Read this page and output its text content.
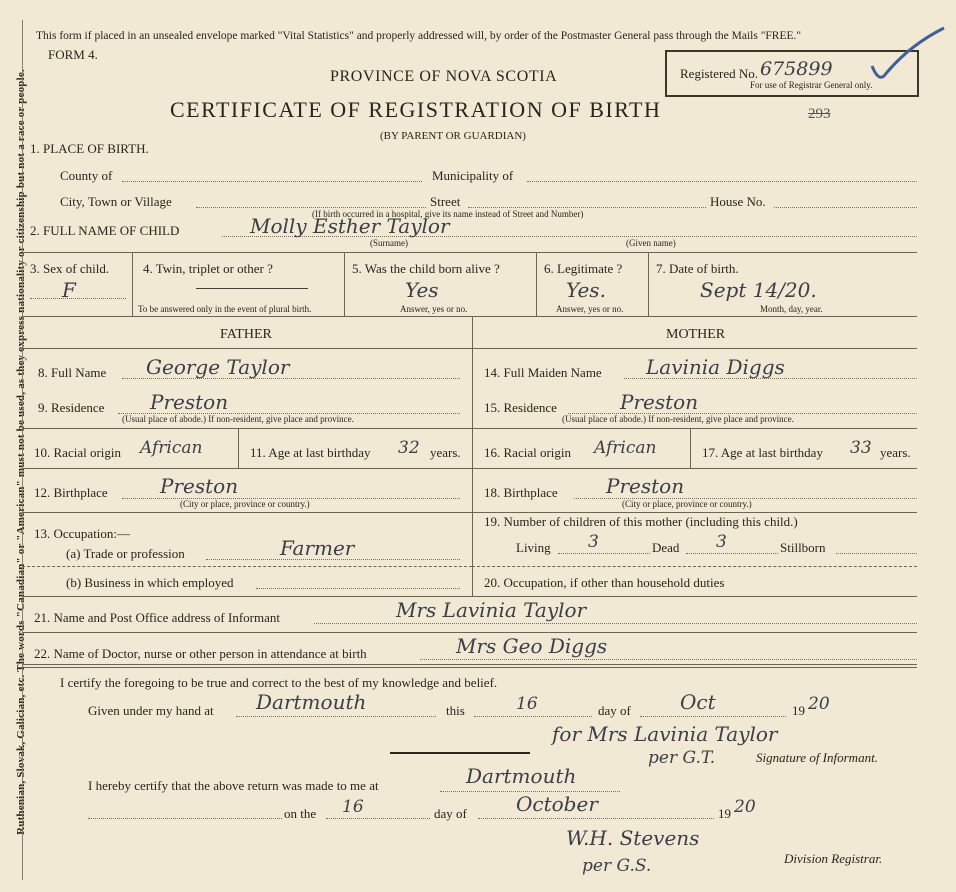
Ruthenian, Slovak, Galician, etc. The words "Canadian" or "American" must not be used, as they express nationality or citizenship but not a race or people.
This form if placed in an unsealed envelope marked "Vital Statistics" and properly addressed will, by order of the Postmaster General pass through the Mails "FREE."
FORM 4.
PROVINCE OF NOVA SCOTIA
CERTIFICATE OF REGISTRATION OF BIRTH
(BY PARENT OR GUARDIAN)
Registered No. 675899
For use of Registrar General only.
293
1. PLACE OF BIRTH.
County of	Municipality of
City, Town or Village	Street	House No.
(If birth occurred in a hospital, give its name instead of Street and Number)
2. FULL NAME OF CHILD	Molly Esther Taylor
(Surname)	(Given name)
3. Sex of child.
F
4. Twin, triplet or other ?
To be answered only in the event of plural birth.
5. Was the child born alive ?
Yes
Answer, yes or no.
6. Legitimate ?
Yes.
Answer, yes or no.
7. Date of birth.
Sept 14/20.
Month, day, year.
FATHER	MOTHER
8. Full Name George Taylor
9. Residence Preston
(Usual place of abode.) If non-resident, give place and province.
10. Racial origin African	11. Age at last birthday 32 years.
12. Birthplace	Preston
(City or place, province or country.)
13. Occupation:—
(a) Trade or profession	Farmer
(b) Business in which employed
14. Full Maiden Name Lavinia Diggs
15. Residence	Preston
(Usual place of abode.) If non-resident, give place and province.
16. Racial origin African	17. Age at last birthday 33 years.
18. Birthplace Preston
(City or place, province or country.)
19. Number of children of this mother (including this child.)
Living 3	Dead 3	Stillborn
20. Occupation, if other than household duties
21. Name and Post Office address of Informant	Mrs Lavinia Taylor
22. Name of Doctor, nurse or other person in attendance at birth	Mrs Geo Diggs
I certify the foregoing to be true and correct to the best of my knowledge and belief.
Given under my hand at Dartmouth	this	16	day of Oct	19 20
for Mrs Lavinia Taylor
per G.T.	Signature of Informant.
I hereby certify that the above return was made to me at	Dartmouth
on the 16	day of October	19 20
W.H. Stevens
per G.S.	Division Registrar.
